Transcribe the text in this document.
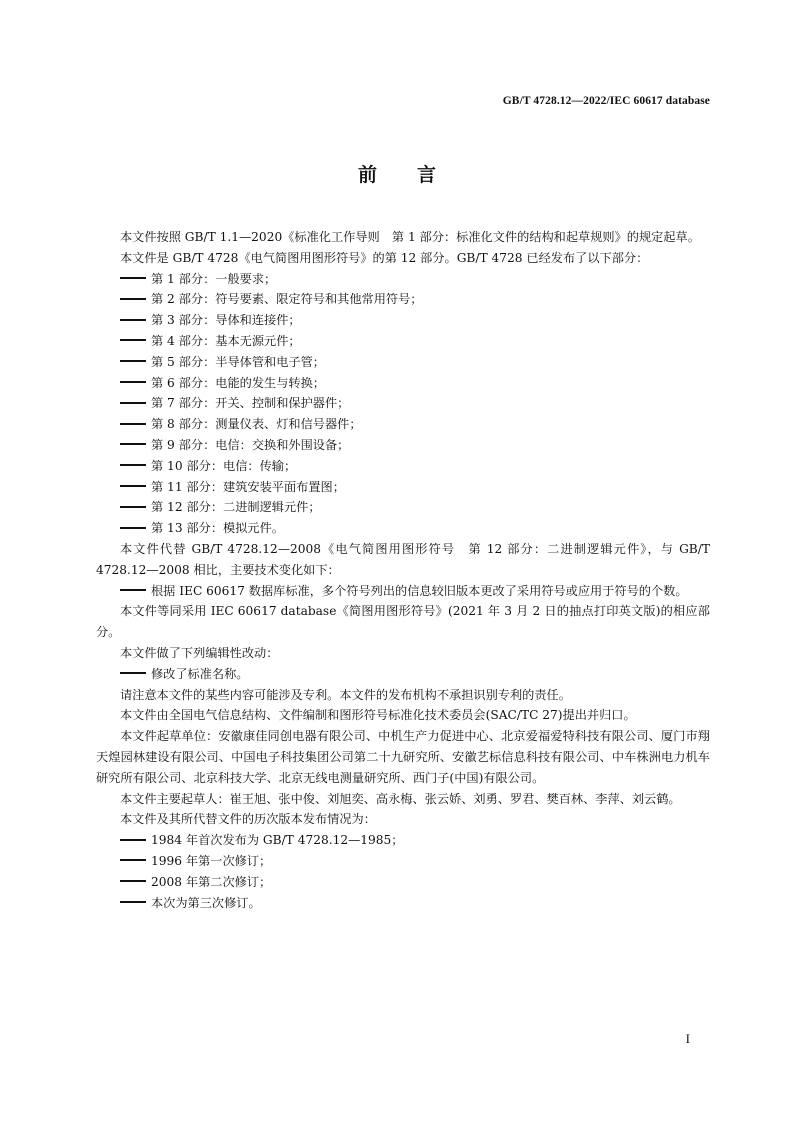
GB/T 4728.12—2022/IEC 60617 database
前 言

本文件按照 GB/T 1.1—2020《标准化工作导则　第 1 部分：标准化文件的结构和起草规则》的规定起草。

本文件是 GB/T 4728《电气简图用图形符号》的第 12 部分。GB/T 4728 已经发布了以下部分：

第 1 部分：一般要求；

第 2 部分：符号要素、限定符号和其他常用符号；

第 3 部分：导体和连接件；

第 4 部分：基本无源元件；

第 5 部分：半导体管和电子管；

第 6 部分：电能的发生与转换；

第 7 部分：开关、控制和保护器件；

第 8 部分：测量仪表、灯和信号器件；

第 9 部分：电信：交换和外围设备；

第 10 部分：电信：传输；

第 11 部分：建筑安装平面布置图；

第 12 部分：二进制逻辑元件；

第 13 部分：模拟元件。

本文件代替 GB/T 4728.12—2008《电气简图用图形符号　第 12 部分：二进制逻辑元件》，与 GB/T 4728.12—2008 相比，主要技术变化如下：

根据 IEC 60617 数据库标准，多个符号列出的信息较旧版本更改了采用符号或应用于符号的个数。

本文件等同采用 IEC 60617 database《简图用图形符号》(2021 年 3 月 2 日的抽点打印英文版)的相应部分。

本文件做了下列编辑性改动：

修改了标准名称。

请注意本文件的某些内容可能涉及专利。本文件的发布机构不承担识别专利的责任。

本文件由全国电气信息结构、文件编制和图形符号标准化技术委员会(SAC/TC 27)提出并归口。

本文件起草单位：安徽康佳同创电器有限公司、中机生产力促进中心、北京爱福爱特科技有限公司、厦门市翔天煌园林建设有限公司、中国电子科技集团公司第二十九研究所、安徽艺标信息科技有限公司、中车株洲电力机车研究所有限公司、北京科技大学、北京无线电测量研究所、西门子(中国)有限公司。

本文件主要起草人：崔王旭、张中俊、刘旭奕、高永梅、张云娇、刘勇、罗君、樊百林、李萍、刘云鹤。

本文件及其所代替文件的历次版本发布情况为：

1984 年首次发布为 GB/T 4728.12—1985；

1996 年第一次修订；

2008 年第二次修订；

本次为第三次修订。

I
